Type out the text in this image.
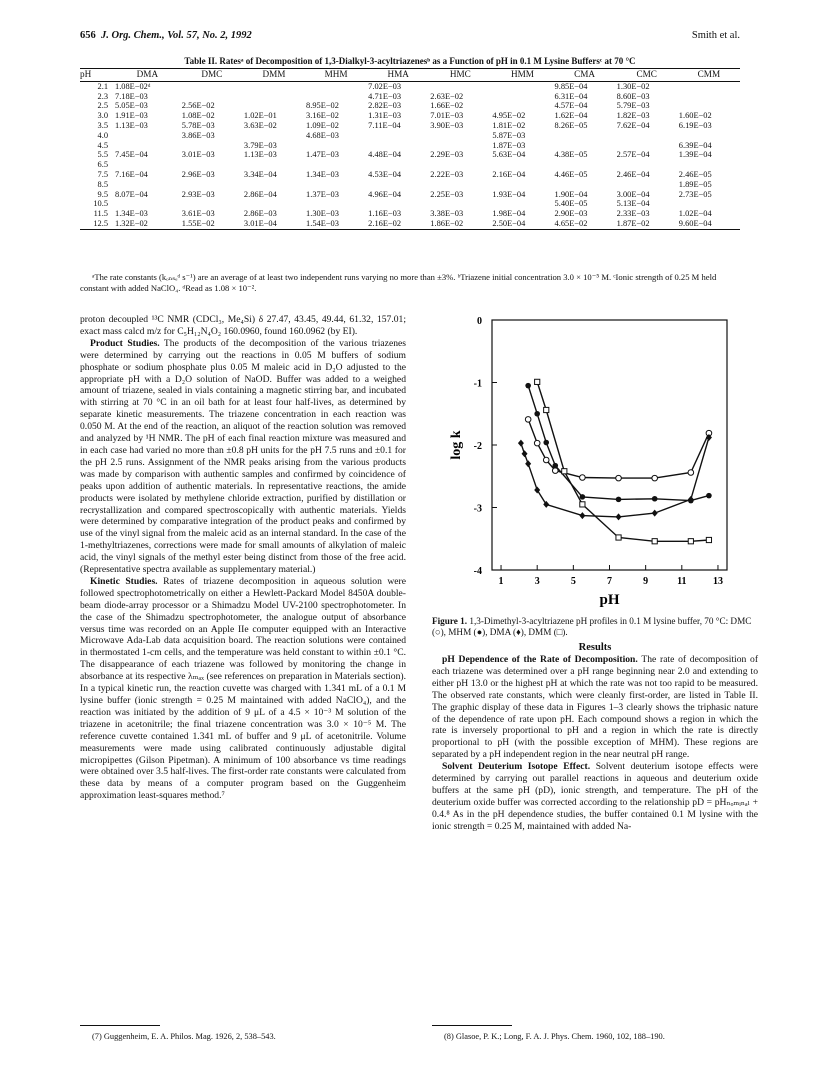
656 J. Org. Chem., Vol. 57, No. 2, 1992	Smith et al.
Table II. Ratesᵃ of Decomposition of 1,3-Dialkyl-3-acyltriazenesᵇ as a Function of pH in 0.1 M Lysine Buffersᶜ at 70 °C
pH	DMA	DMC	DMM	MHM	HMA	HMC	HMM	CMA	CMC	CMM
2.1	1.08E−02ᵈ				7.02E−03			9.85E−04	1.30E−02	
2.3	7.18E−03				4.71E−03	2.63E−02		6.31E−04	8.60E−03	
2.5	5.05E−03	2.56E−02		8.95E−02	2.82E−03	1.66E−02		4.57E−04	5.79E−03	
3.0	1.91E−03	1.08E−02	1.02E−01	3.16E−02	1.31E−03	7.01E−03	4.95E−02	1.62E−04	1.82E−03	1.60E−02
3.5	1.13E−03	5.78E−03	3.63E−02	1.09E−02	7.11E−04	3.90E−03	1.81E−02	8.26E−05	7.62E−04	6.19E−03
4.0		3.86E−03		4.68E−03			5.87E−03			
4.5			3.79E−03				1.87E−03			6.39E−04
5.5	7.45E−04	3.01E−03	1.13E−03	1.47E−03	4.48E−04	2.29E−03	5.63E−04	4.38E−05	2.57E−04	1.39E−04
6.5										
7.5	7.16E−04	2.96E−03	3.34E−04	1.34E−03	4.53E−04	2.22E−03	2.16E−04	4.46E−05	2.46E−04	2.46E−05
8.5										1.89E−05
9.5	8.07E−04	2.93E−03	2.86E−04	1.37E−03	4.96E−04	2.25E−03	1.93E−04	1.90E−04	3.00E−04	2.73E−05
10.5								5.40E−05	5.13E−04	
11.5	1.34E−03	3.61E−03	2.86E−03	1.30E−03	1.16E−03	3.38E−03	1.98E−04	2.90E−03	2.33E−03	1.02E−04
12.5	1.32E−02	1.55E−02	3.01E−04	1.54E−03	2.16E−02	1.86E−02	2.50E−04	4.65E−02	1.87E−02	9.60E−04
ᵃThe rate constants (kₒₙₛₑᵈ s⁻¹) are an average of at least two independent runs varying no more than ±3%. ᵇTriazene initial concentration 3.0 × 10⁻⁵ M. ᶜIonic strength of 0.25 M held constant with added NaClO₄. ᵈRead as 1.08 × 10⁻².

proton decoupled ¹³C NMR (CDCl₃, Me₄Si) δ 27.47, 43.45, 49.44, 61.32, 157.01; exact mass calcd m/z for C₅H₁₂N₄O₂ 160.0960, found 160.0962 (by EI).

Product Studies. The products of the decomposition of the various triazenes were determined by carrying out the reactions in 0.05 M buffers of sodium phosphate or sodium phosphate plus 0.05 M maleic acid in D₂O adjusted to the appropriate pH with a D₂O solution of NaOD. Buffer was added to a weighed amount of triazene, sealed in vials containing a magnetic stirring bar, and incubated with stirring at 70 °C in an oil bath for at least four half-lives, as determined by separate kinetic measurements. The triazene concentration in each reaction was 0.050 M. At the end of the reaction, an aliquot of the reaction solution was removed and analyzed by ¹H NMR. The pH of each final reaction mixture was measured and in each case had varied no more than ±0.8 pH units for the pH 7.5 runs and ±0.1 for the pH 2.5 runs. Assignment of the NMR peaks arising from the various products was made by comparison with authentic samples and confirmed by coincidence of peaks upon addition of authentic materials. In representative reactions, the amide products were isolated by methylene chloride extraction, purified by distillation or recrystallization and compared spectroscopically with authentic materials. Yields were determined by comparative integration of the product peaks and confirmed by use of the vinyl signal from the maleic acid as an internal standard. In the case of the 1-methyltriazenes, corrections were made for small amounts of alkylation of maleic acid, the vinyl signals of the methyl ester being distinct from those of the free acid. (Representative spectra available as supplementary material.)

Kinetic Studies. Rates of triazene decomposition in aqueous solution were followed spectrophotometrically on either a Hewlett-Packard Model 8450A double-beam diode-array processor or a Shimadzu Model UV-2100 spectrophotometer. In the case of the Shimadzu spectrophotometer, the analogue output of absorbance versus time was recorded on an Apple IIe computer equipped with an Interactive Microwave Ada-Lab data acquisition board. The reaction solutions were contained in thermostated 1-cm cells, and the temperature was held constant to within ±0.1 °C. The disappearance of each triazene was followed by monitoring the change in absorbance at its respective λₘₐₓ (see references on preparation in Materials section). In a typical kinetic run, the reaction cuvette was charged with 1.341 mL of a 0.1 M lysine buffer (ionic strength = 0.25 M maintained with added NaClO₄), and the reaction was initiated by the addition of 9 μL of a 4.5 × 10⁻³ M solution of the triazene in acetonitrile; the final triazene concentration was 3.0 × 10⁻⁵ M. The reference cuvette contained 1.341 mL of buffer and 9 μL of acetonitrile. Volume measurements were made using calibrated continuously adjustable digital micropipettes (Gilson Pipetman). A minimum of 100 absorbance vs time readings were obtained over 3.5 half-lives. The first-order rate constants were calculated from these data by means of a computer program based on the Guggenheim approximation least-squares method.⁷

0
-1
-2
-3
-4
1	3	5	7	9	11	13
pH
log k
Figure 1. 1,3-Dimethyl-3-acyltriazene pH profiles in 0.1 M lysine buffer, 70 °C: DMC (○), MHM (●), DMA (♦), DMM (□).
Results

pH Dependence of the Rate of Decomposition. The rate of decomposition of each triazene was determined over a pH range beginning near 2.0 and extending to either pH 13.0 or the highest pH at which the rate was not too rapid to be measured. The observed rate constants, which were cleanly first-order, are listed in Table II. The graphic display of these data in Figures 1–3 clearly shows the triphasic nature of the dependence of rate upon pH. Each compound shows a region in which the rate is inversely proportional to pH and a region in which the rate is directly proportional to pH (with the possible exception of MHM). These regions are separated by a pH independent region in the near neutral pH range.

Solvent Deuterium Isotope Effect. Solvent deuterium isotope effects were determined by carrying out parallel reactions in aqueous and deuterium oxide buffers at the same pH (pD), ionic strength, and temperature. The pH of the deuterium oxide buffer was corrected according to the relationship pD = pHₙₒₘᵢₙₐₗ + 0.4.⁸ As in the pH dependence studies, the buffer contained 0.1 M lysine with the ionic strength = 0.25 M, maintained with added Na-

(7) Guggenheim, E. A. Philos. Mag. 1926, 2, 538–543.	(8) Glasoe, P. K.; Long, F. A. J. Phys. Chem. 1960, 102, 188–190.
